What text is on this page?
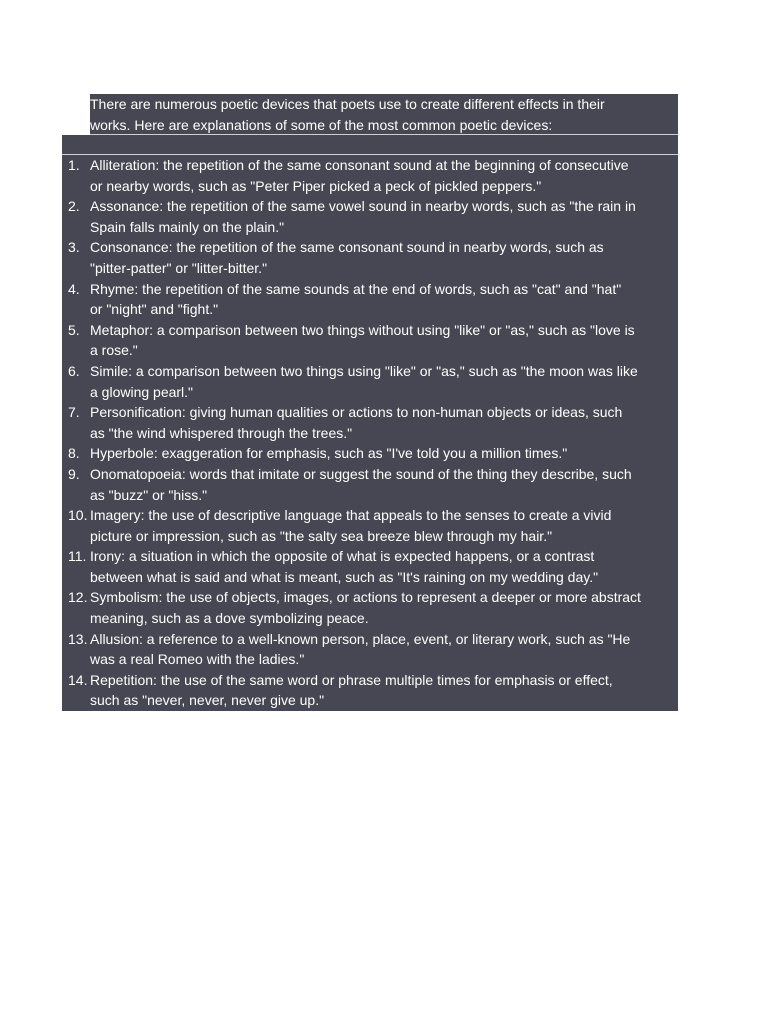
There are numerous poetic devices that poets use to create different effects in their

works. Here are explanations of some of the most common poetic devices:

1. Alliteration: the repetition of the same consonant sound at the beginning of consecutive
or nearby words, such as "Peter Piper picked a peck of pickled peppers."
2. Assonance: the repetition of the same vowel sound in nearby words, such as "the rain in
Spain falls mainly on the plain."
3. Consonance: the repetition of the same consonant sound in nearby words, such as
"pitter-patter" or "litter-bitter."
4. Rhyme: the repetition of the same sounds at the end of words, such as "cat" and "hat"
or "night" and "fight."
5. Metaphor: a comparison between two things without using "like" or "as," such as "love is
a rose."
6. Simile: a comparison between two things using "like" or "as," such as "the moon was like
a glowing pearl."
7. Personification: giving human qualities or actions to non-human objects or ideas, such
as "the wind whispered through the trees."
8. Hyperbole: exaggeration for emphasis, such as "I've told you a million times."
9. Onomatopoeia: words that imitate or suggest the sound of the thing they describe, such
as "buzz" or "hiss."
10. Imagery: the use of descriptive language that appeals to the senses to create a vivid
picture or impression, such as "the salty sea breeze blew through my hair."
11. Irony: a situation in which the opposite of what is expected happens, or a contrast
between what is said and what is meant, such as "It's raining on my wedding day."
12. Symbolism: the use of objects, images, or actions to represent a deeper or more abstract
meaning, such as a dove symbolizing peace.
13. Allusion: a reference to a well-known person, place, event, or literary work, such as "He
was a real Romeo with the ladies."
14. Repetition: the use of the same word or phrase multiple times for emphasis or effect,
such as "never, never, never give up."
